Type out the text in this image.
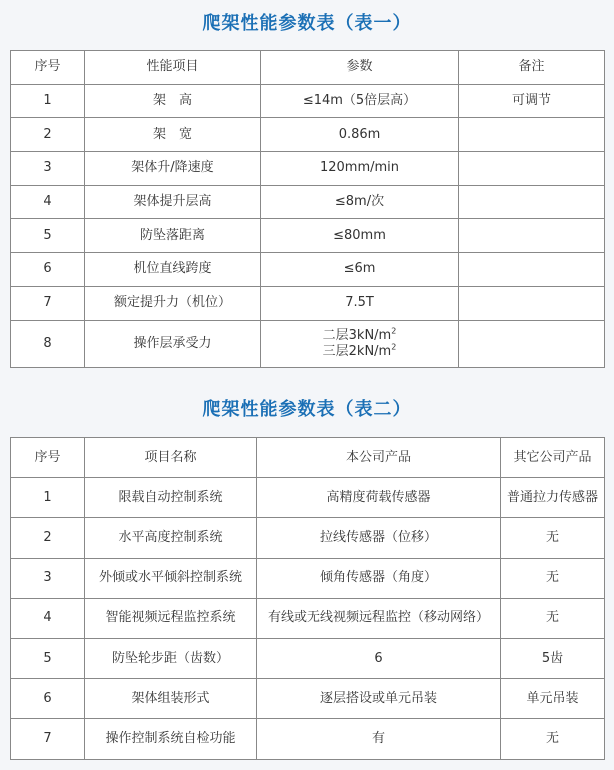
爬架性能参数表（表一）
序号	性能项目	参数	备注
1	架　高	≤14m（5倍层高）	可调节
2	架　宽	0.86m	
3	架体升/降速度	120mm/min	
4	架体提升层高	≤8m/次	
5	防坠落距离	≤80mm	
6	机位直线跨度	≤6m	
7	额定提升力（机位）	7.5T	
8	操作层承受力	二层$3kN/m^2$
三层$2kN/m^2$

爬架性能参数表（表二）
序号	项目名称	本公司产品	其它公司产品
1	限载自动控制系统	高精度荷载传感器	普通拉力传感器
2	水平高度控制系统	拉线传感器（位移）	无
3	外倾或水平倾斜控制系统	倾角传感器（角度）	无
4	智能视频远程监控系统	有线或无线视频远程监控（移动网络）	无
5	防坠轮步距（齿数）	6	5齿
6	架体组装形式	逐层搭设或单元吊装	单元吊装
7	操作控制系统自检功能	有	无
